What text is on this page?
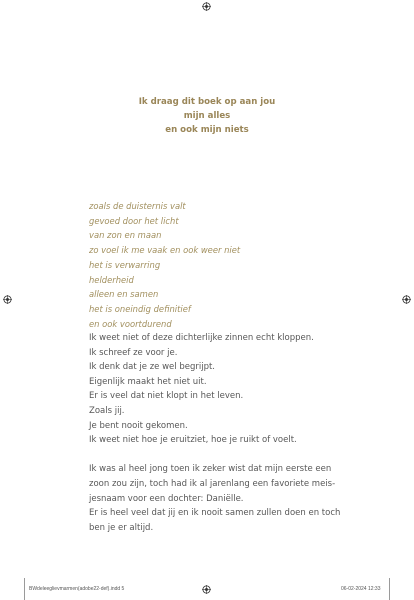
Ik draag dit boek op aan jou
mijn alles
en ook mijn niets
zoals de duisternis valt
gevoed door het licht
van zon en maan
zo voel ik me vaak en ook weer niet
het is verwarring
helderheid
alleen en samen
het is oneindig definitief
en ook voortdurend
Ik weet niet of deze dichterlijke zinnen echt kloppen.
Ik schreef ze voor je.
Ik denk dat je ze wel begrijpt.
Eigenlijk maakt het niet uit.
Er is veel dat niet klopt in het leven.
Zoals jij.
Je bent nooit gekomen.
Ik weet niet hoe je eruitziet, hoe je ruikt of voelt.
Ik was al heel jong toen ik zeker wist dat mijn eerste een
zoon zou zijn, toch had ik al jarenlang een favoriete meis-
jesnaam voor een dochter: Daniëlle.
Er is heel veel dat jij en ik nooit samen zullen doen en toch
ben je er altijd.
BWdeleeglievmarmen(adobe22-def).indd 5	06-02-2024 12:33
